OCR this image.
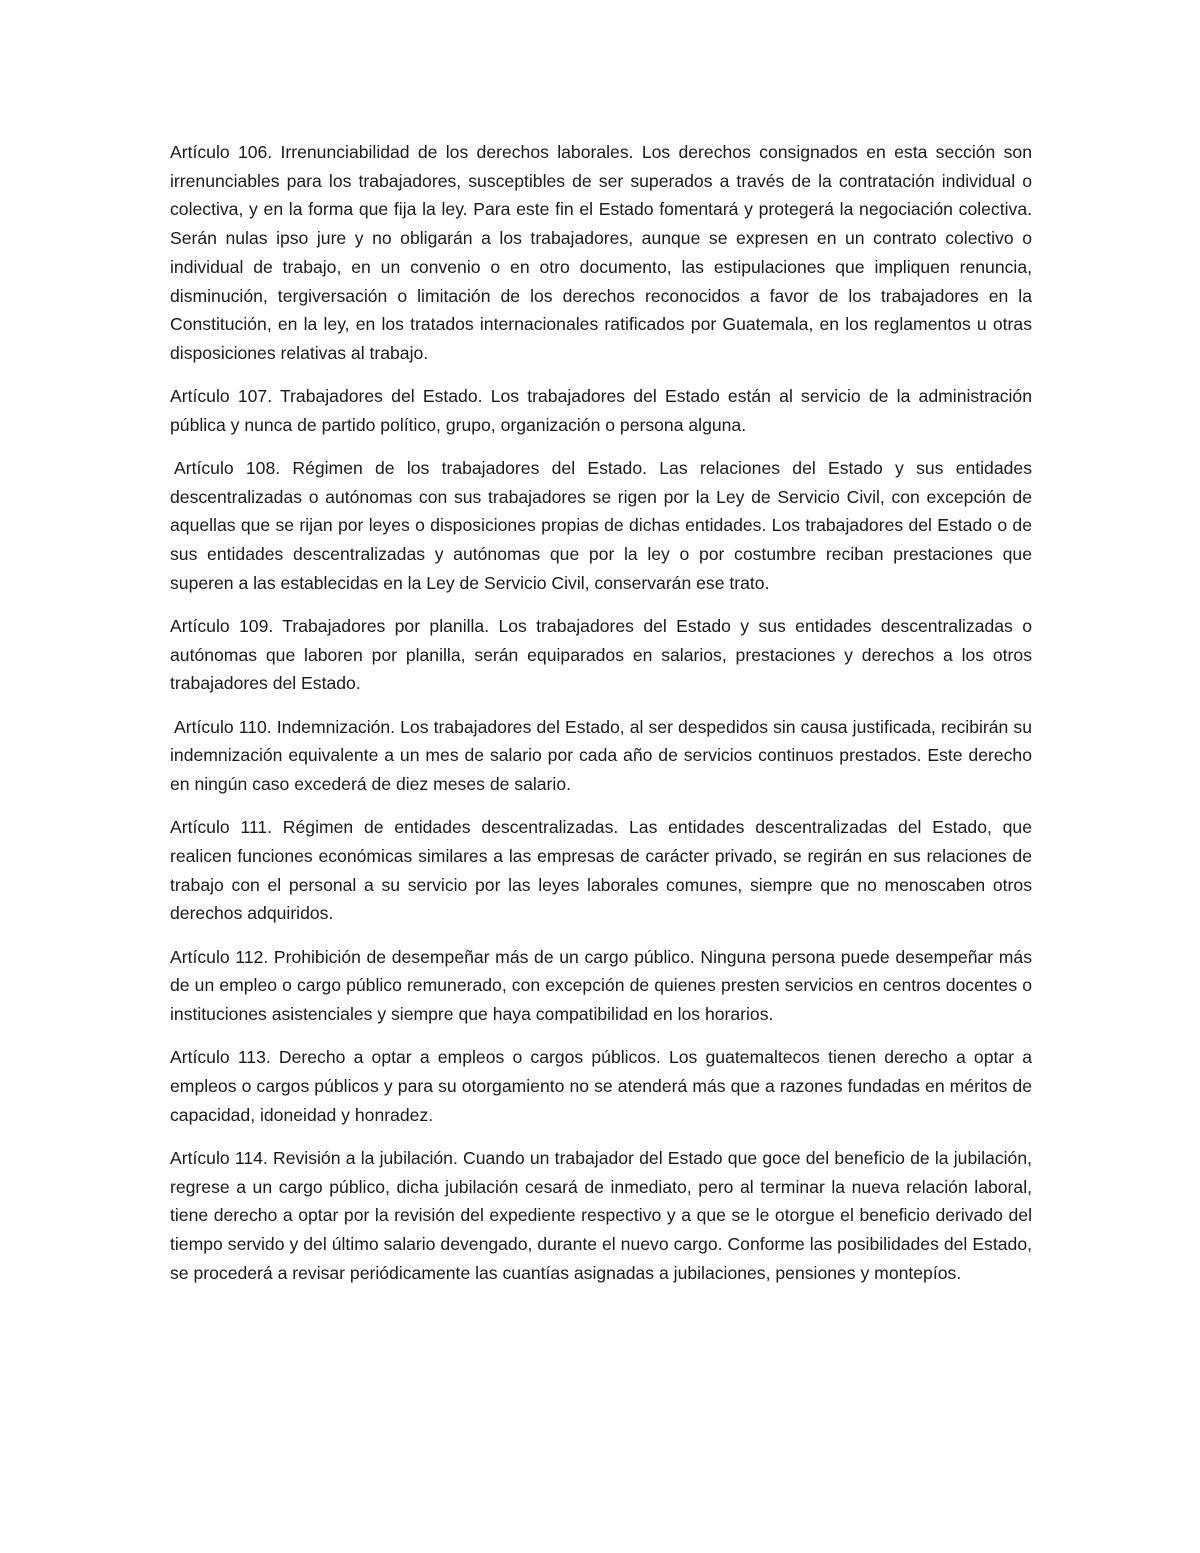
Artículo 106. Irrenunciabilidad de los derechos laborales. Los derechos consignados en esta sección son irrenunciables para los trabajadores, susceptibles de ser superados a través de la contratación individual o colectiva, y en la forma que fija la ley. Para este fin el Estado fomentará y protegerá la negociación colectiva. Serán nulas ipso jure y no obligarán a los trabajadores, aunque se expresen en un contrato colectivo o individual de trabajo, en un convenio o en otro documento, las estipulaciones que impliquen renuncia, disminución, tergiversación o limitación de los derechos reconocidos a favor de los trabajadores en la Constitución, en la ley, en los tratados internacionales ratificados por Guatemala, en los reglamentos u otras disposiciones relativas al trabajo.

Artículo 107. Trabajadores del Estado. Los trabajadores del Estado están al servicio de la administración pública y nunca de partido político, grupo, organización o persona alguna.

Artículo 108. Régimen de los trabajadores del Estado. Las relaciones del Estado y sus entidades descentralizadas o autónomas con sus trabajadores se rigen por la Ley de Servicio Civil, con excepción de aquellas que se rijan por leyes o disposiciones propias de dichas entidades. Los trabajadores del Estado o de sus entidades descentralizadas y autónomas que por la ley o por costumbre reciban prestaciones que superen a las establecidas en la Ley de Servicio Civil, conservarán ese trato.

Artículo 109. Trabajadores por planilla. Los trabajadores del Estado y sus entidades descentralizadas o autónomas que laboren por planilla, serán equiparados en salarios, prestaciones y derechos a los otros trabajadores del Estado.

Artículo 110. Indemnización. Los trabajadores del Estado, al ser despedidos sin causa justificada, recibirán su indemnización equivalente a un mes de salario por cada año de servicios continuos prestados. Este derecho en ningún caso excederá de diez meses de salario.

Artículo 111. Régimen de entidades descentralizadas. Las entidades descentralizadas del Estado, que realicen funciones económicas similares a las empresas de carácter privado, se regirán en sus relaciones de trabajo con el personal a su servicio por las leyes laborales comunes, siempre que no menoscaben otros derechos adquiridos.

Artículo 112. Prohibición de desempeñar más de un cargo público. Ninguna persona puede desempeñar más de un empleo o cargo público remunerado, con excepción de quienes presten servicios en centros docentes o instituciones asistenciales y siempre que haya compatibilidad en los horarios.

Artículo 113. Derecho a optar a empleos o cargos públicos. Los guatemaltecos tienen derecho a optar a empleos o cargos públicos y para su otorgamiento no se atenderá más que a razones fundadas en méritos de capacidad, idoneidad y honradez.

Artículo 114. Revisión a la jubilación. Cuando un trabajador del Estado que goce del beneficio de la jubilación, regrese a un cargo público, dicha jubilación cesará de inmediato, pero al terminar la nueva relación laboral, tiene derecho a optar por la revisión del expediente respectivo y a que se le otorgue el beneficio derivado del tiempo servido y del último salario devengado, durante el nuevo cargo. Conforme las posibilidades del Estado, se procederá a revisar periódicamente las cuantías asignadas a jubilaciones, pensiones y montepíos.
